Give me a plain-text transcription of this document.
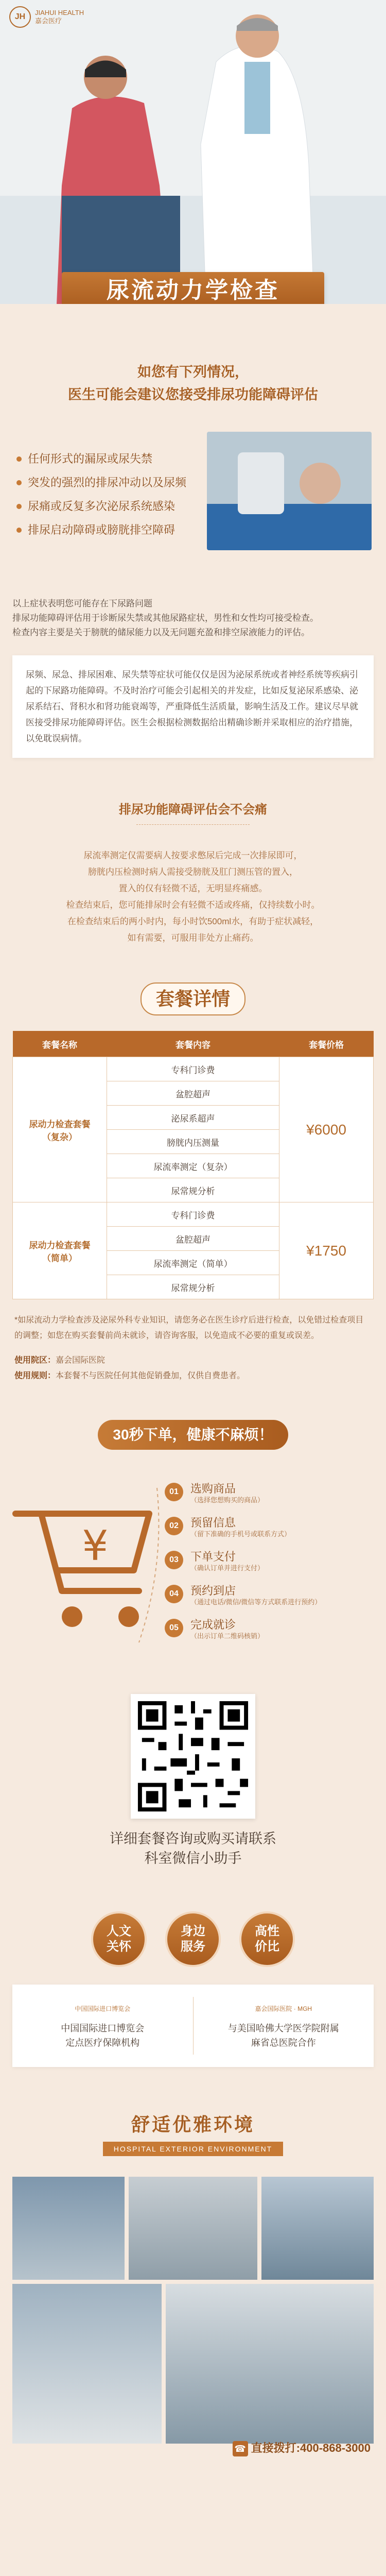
JH	JIAHUI HEALTH
嘉会医疗
尿流动力学检查
如您有下列情况，
医生可能会建议您接受排尿功能障碍评估
任何形式的漏尿或尿失禁
突发的强烈的排尿冲动以及尿频
尿痛或反复多次泌尿系统感染
排尿启动障碍或膀胱排空障碍
以上症状表明您可能存在下尿路问题
排尿功能障碍评估用于诊断尿失禁或其他尿路症状，男性和女性均可接受检查。
检查内容主要是关于膀胱的储尿能力以及无问题充盈和排空尿液能力的评估。
尿频、尿急、排尿困难、尿失禁等症状可能仅仅是因为泌尿系统或者神经系统等疾病引起的下尿路功能障碍。不及时治疗可能会引起相关的并发症，比如反复泌尿系感染、泌尿系结石、肾积水和肾功能衰竭等，严重降低生活质量，影响生活及工作。建议尽早就医接受排尿功能障碍评估。医生会根据检测数据给出精确诊断并采取相应的治疗措施，以免耽误病情。
排尿功能障碍评估会不会痛
尿流率测定仅需要病人按要求憋尿后完成一次排尿即可，
膀胱内压检测时病人需接受膀胱及肛门测压管的置入，
置入的仅有轻微不适，无明显疼痛感。
检查结束后，您可能排尿时会有轻微不适或疼痛，仅持续数小时。
在检查结束后的两小时内，每小时饮500ml水，有助于症状减轻，
如有需要，可服用非处方止痛药。
套餐详情
套餐名称	套餐内容	套餐价格
尿动力检查套餐
（复杂）	专科门诊费	¥6000
	盆腔超声	
	泌尿系超声	
	膀胱内压测量	
	尿流率测定（复杂）	
	尿常规分析	
尿动力检查套餐
（简单）	专科门诊费	¥1750
	盆腔超声	
	尿流率测定（简单）	
	尿常规分析	
*如尿流动力学检查涉及泌尿外科专业知识，请您务必在医生诊疗后进行检查，以免错过检查项目的调整；如您在购买套餐前尚未就诊，请咨询客服，以免造成不必要的重复或误差。
使用院区：嘉会国际医院
使用规则：本套餐不与医院任何其他促销叠加，仅供自费患者。
30秒下单，健康不麻烦！
¥
01	选购商品
（选择您想购买的商品）
02	预留信息
（留下准确的手机号或联系方式）
03	下单支付
（确认订单并进行支付）
04	预约到店
（通过电话/微信/微信等方式联系进行预约）
05	完成就诊
（出示订单二维码核销）
详细套餐咨询或购买请联系
科室微信小助手
人文
关怀
身边
服务
高性
价比
中国国际进口博览会
中国国际进口博览会
定点医疗保障机构
嘉会国际医院 · MGH
与美国哈佛大学医学院附属
麻省总医院合作
舒适优雅环境
HOSPITAL EXTERIOR ENVIRONMENT
☎ 直接拨打:400-868-3000
